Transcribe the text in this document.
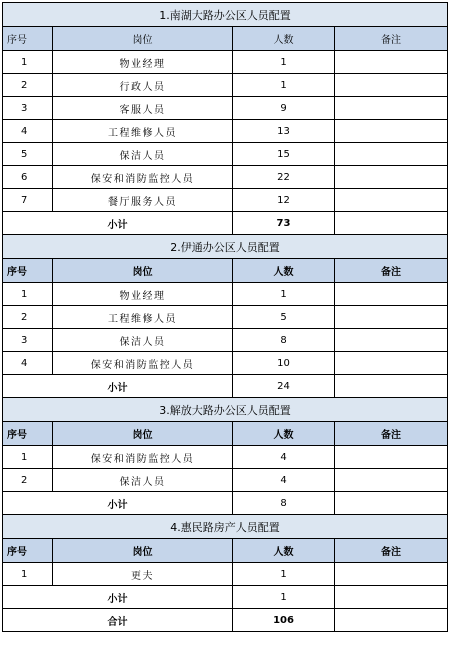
1.南湖大路办公区人员配置			
序号	岗位	人数	备注
1	物业经理	1	
2	行政人员	1	
3	客服人员	9	
4	工程维修人员	13	
5	保洁人员	15	
6	保安和消防监控人员	22	
7	餐厅服务人员	12	
小计		73	
2.伊通办公区人员配置			
序号	岗位	人数	备注
1	物业经理	1	
2	工程维修人员	5	
3	保洁人员	8	
4	保安和消防监控人员	10	
小计		24	
3.解放大路办公区人员配置			
序号	岗位	人数	备注
1	保安和消防监控人员	4	
2	保洁人员	4	
小计		8	
4.惠民路房产人员配置			
序号	岗位	人数	备注
1	更夫	1	
小计		1	
合计		106	
